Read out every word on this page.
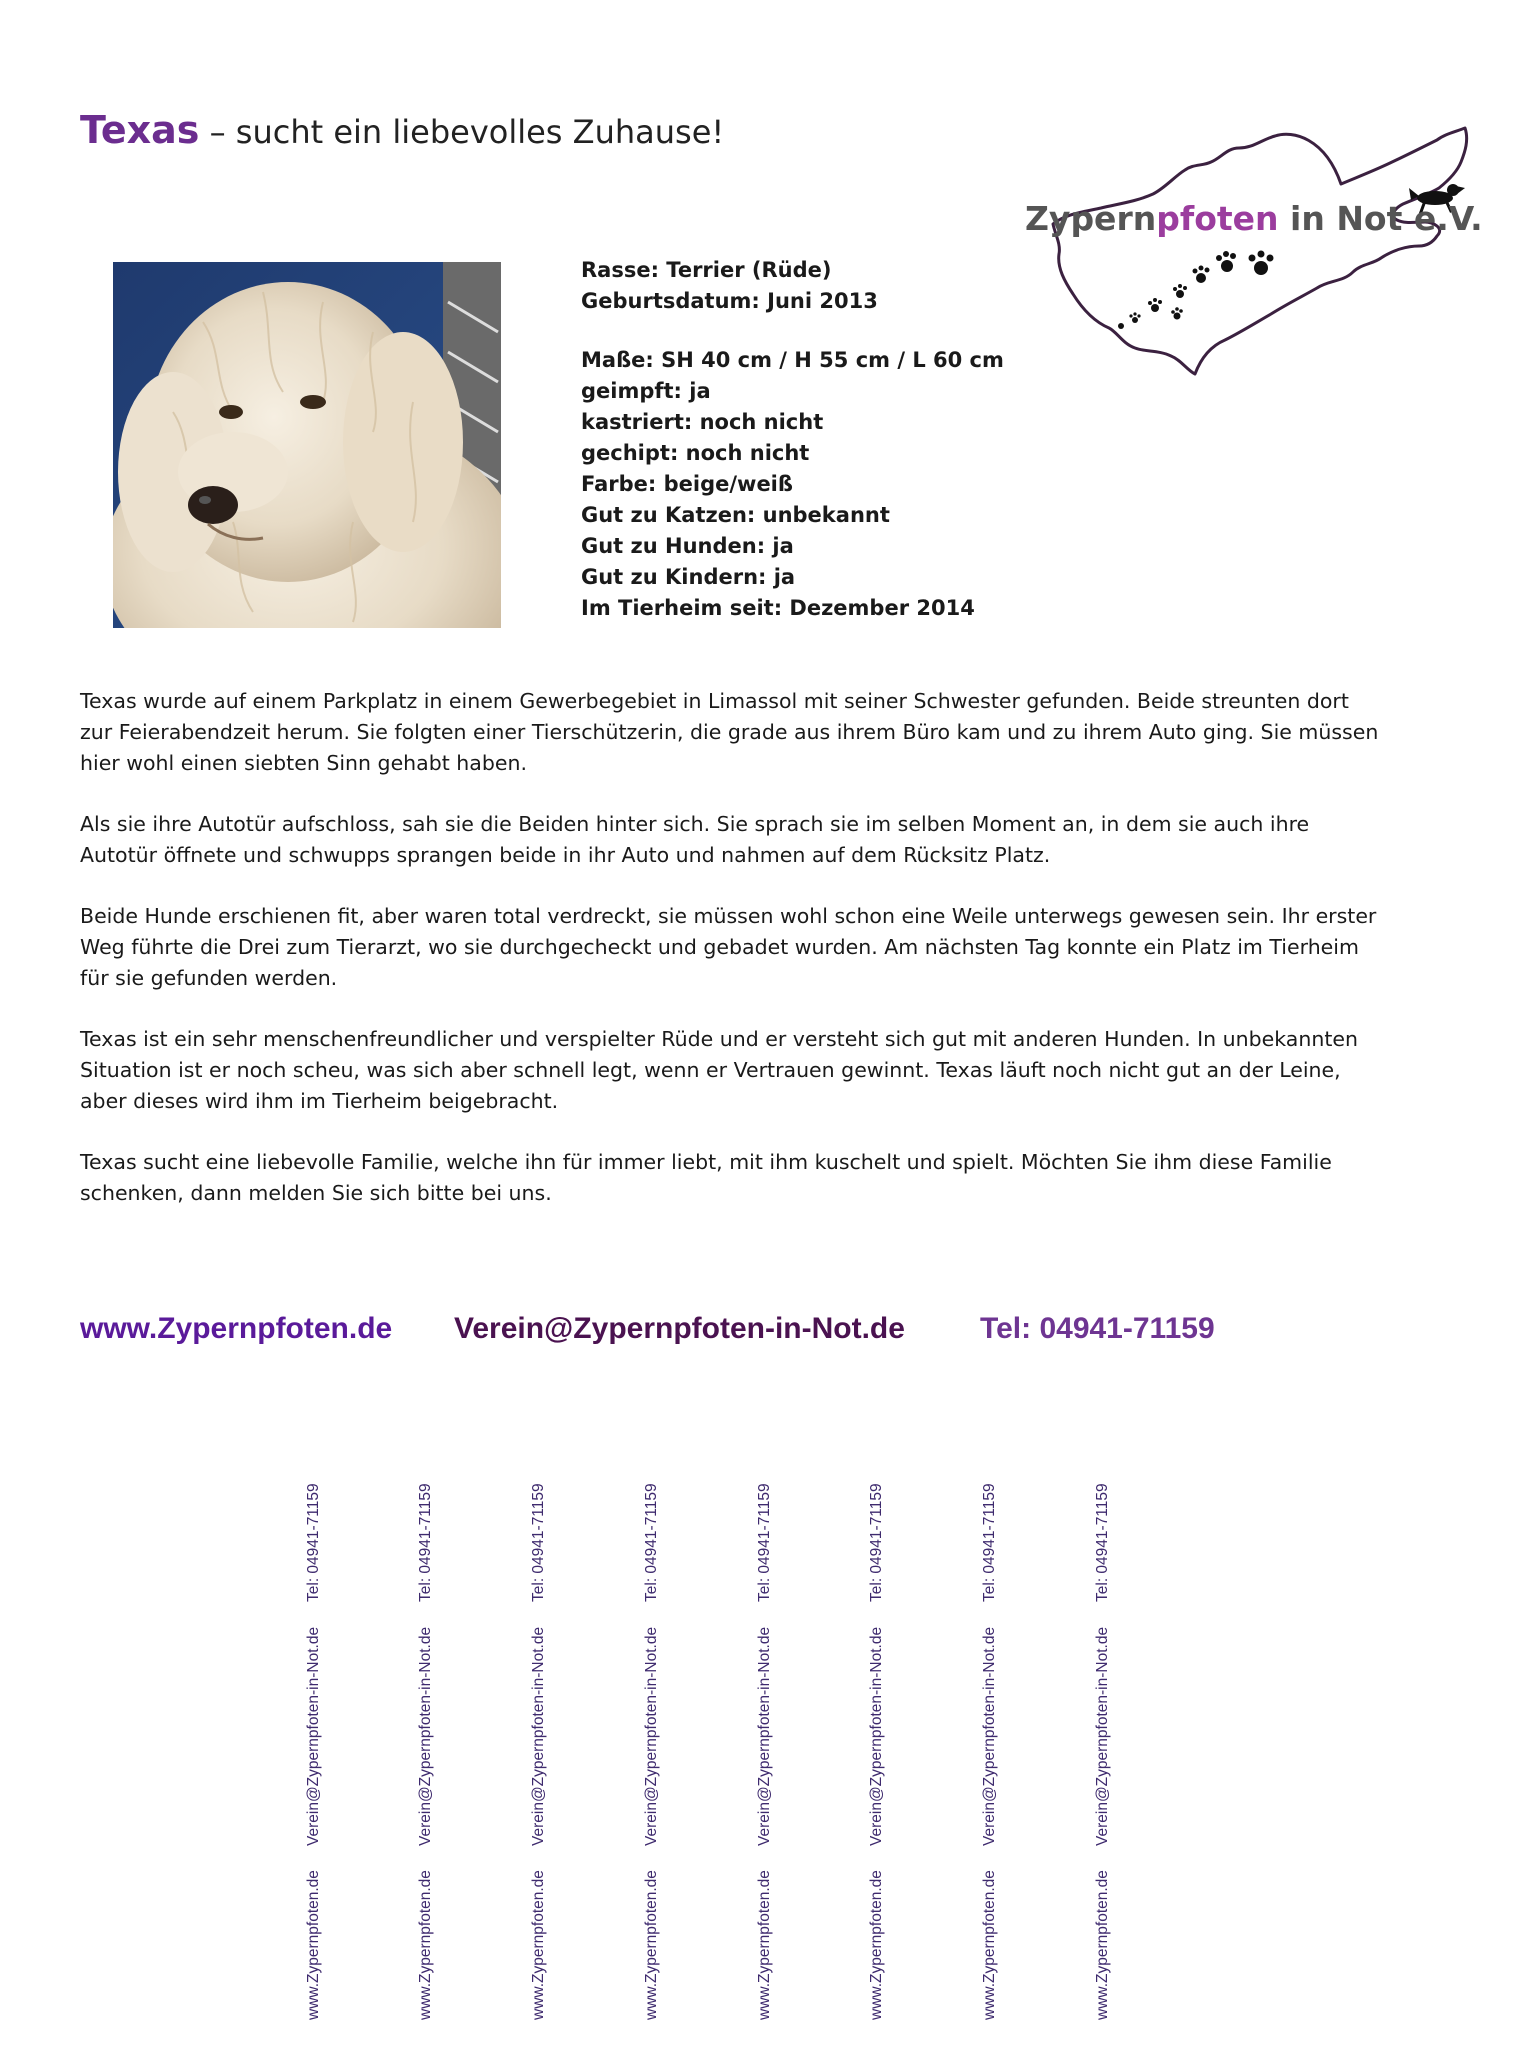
Texas – sucht ein liebevolles Zuhause!
Zypernpfoten in Not e.V.
Rasse: Terrier (Rüde)
Geburtsdatum: Juni 2013
Maße: SH 40 cm / H 55 cm / L 60 cm
geimpft: ja
kastriert: noch nicht
gechipt: noch nicht
Farbe: beige/weiß
Gut zu Katzen: unbekannt
Gut zu Hunden: ja
Gut zu Kindern: ja
Im Tierheim seit: Dezember 2014

Texas wurde auf einem Parkplatz in einem Gewerbegebiet in Limassol mit seiner Schwester gefunden. Beide streunten dort zur Feierabendzeit herum. Sie folgten einer Tierschützerin, die grade aus ihrem Büro kam und zu ihrem Auto ging. Sie müssen hier wohl einen siebten Sinn gehabt haben.

Als sie ihre Autotür aufschloss, sah sie die Beiden hinter sich. Sie sprach sie im selben Moment an, in dem sie auch ihre Autotür öffnete und schwupps sprangen beide in ihr Auto und nahmen auf dem Rücksitz Platz.

Beide Hunde erschienen fit, aber waren total verdreckt, sie müssen wohl schon eine Weile unterwegs gewesen sein. Ihr erster Weg führte die Drei zum Tierarzt, wo sie durchgecheckt und gebadet wurden. Am nächsten Tag konnte ein Platz im Tierheim für sie gefunden werden.

Texas ist ein sehr menschenfreundlicher und verspielter Rüde und er versteht sich gut mit anderen Hunden. In unbekannten Situation ist er noch scheu, was sich aber schnell legt, wenn er Vertrauen gewinnt. Texas läuft noch nicht gut an der Leine, aber dieses wird ihm im Tierheim beigebracht.

Texas sucht eine liebevolle Familie, welche ihn für immer liebt, mit ihm kuschelt und spielt. Möchten Sie ihm diese Familie schenken, dann melden Sie sich bitte bei uns.

www.Zypernpfoten.de Verein@Zypernpfoten-in-Not.de	Tel: 04941-71159
Tel: 04941-71159
Verein@Zypernpfoten-in-Not.de
www.Zypernpfoten.de
Tel: 04941-71159
Verein@Zypernpfoten-in-Not.de
www.Zypernpfoten.de
Tel: 04941-71159
Verein@Zypernpfoten-in-Not.de
www.Zypernpfoten.de
Tel: 04941-71159
Verein@Zypernpfoten-in-Not.de
www.Zypernpfoten.de
Tel: 04941-71159
Verein@Zypernpfoten-in-Not.de
www.Zypernpfoten.de
Tel: 04941-71159
Verein@Zypernpfoten-in-Not.de
www.Zypernpfoten.de
Tel: 04941-71159
Verein@Zypernpfoten-in-Not.de
www.Zypernpfoten.de
Tel: 04941-71159
Verein@Zypernpfoten-in-Not.de
www.Zypernpfoten.de
